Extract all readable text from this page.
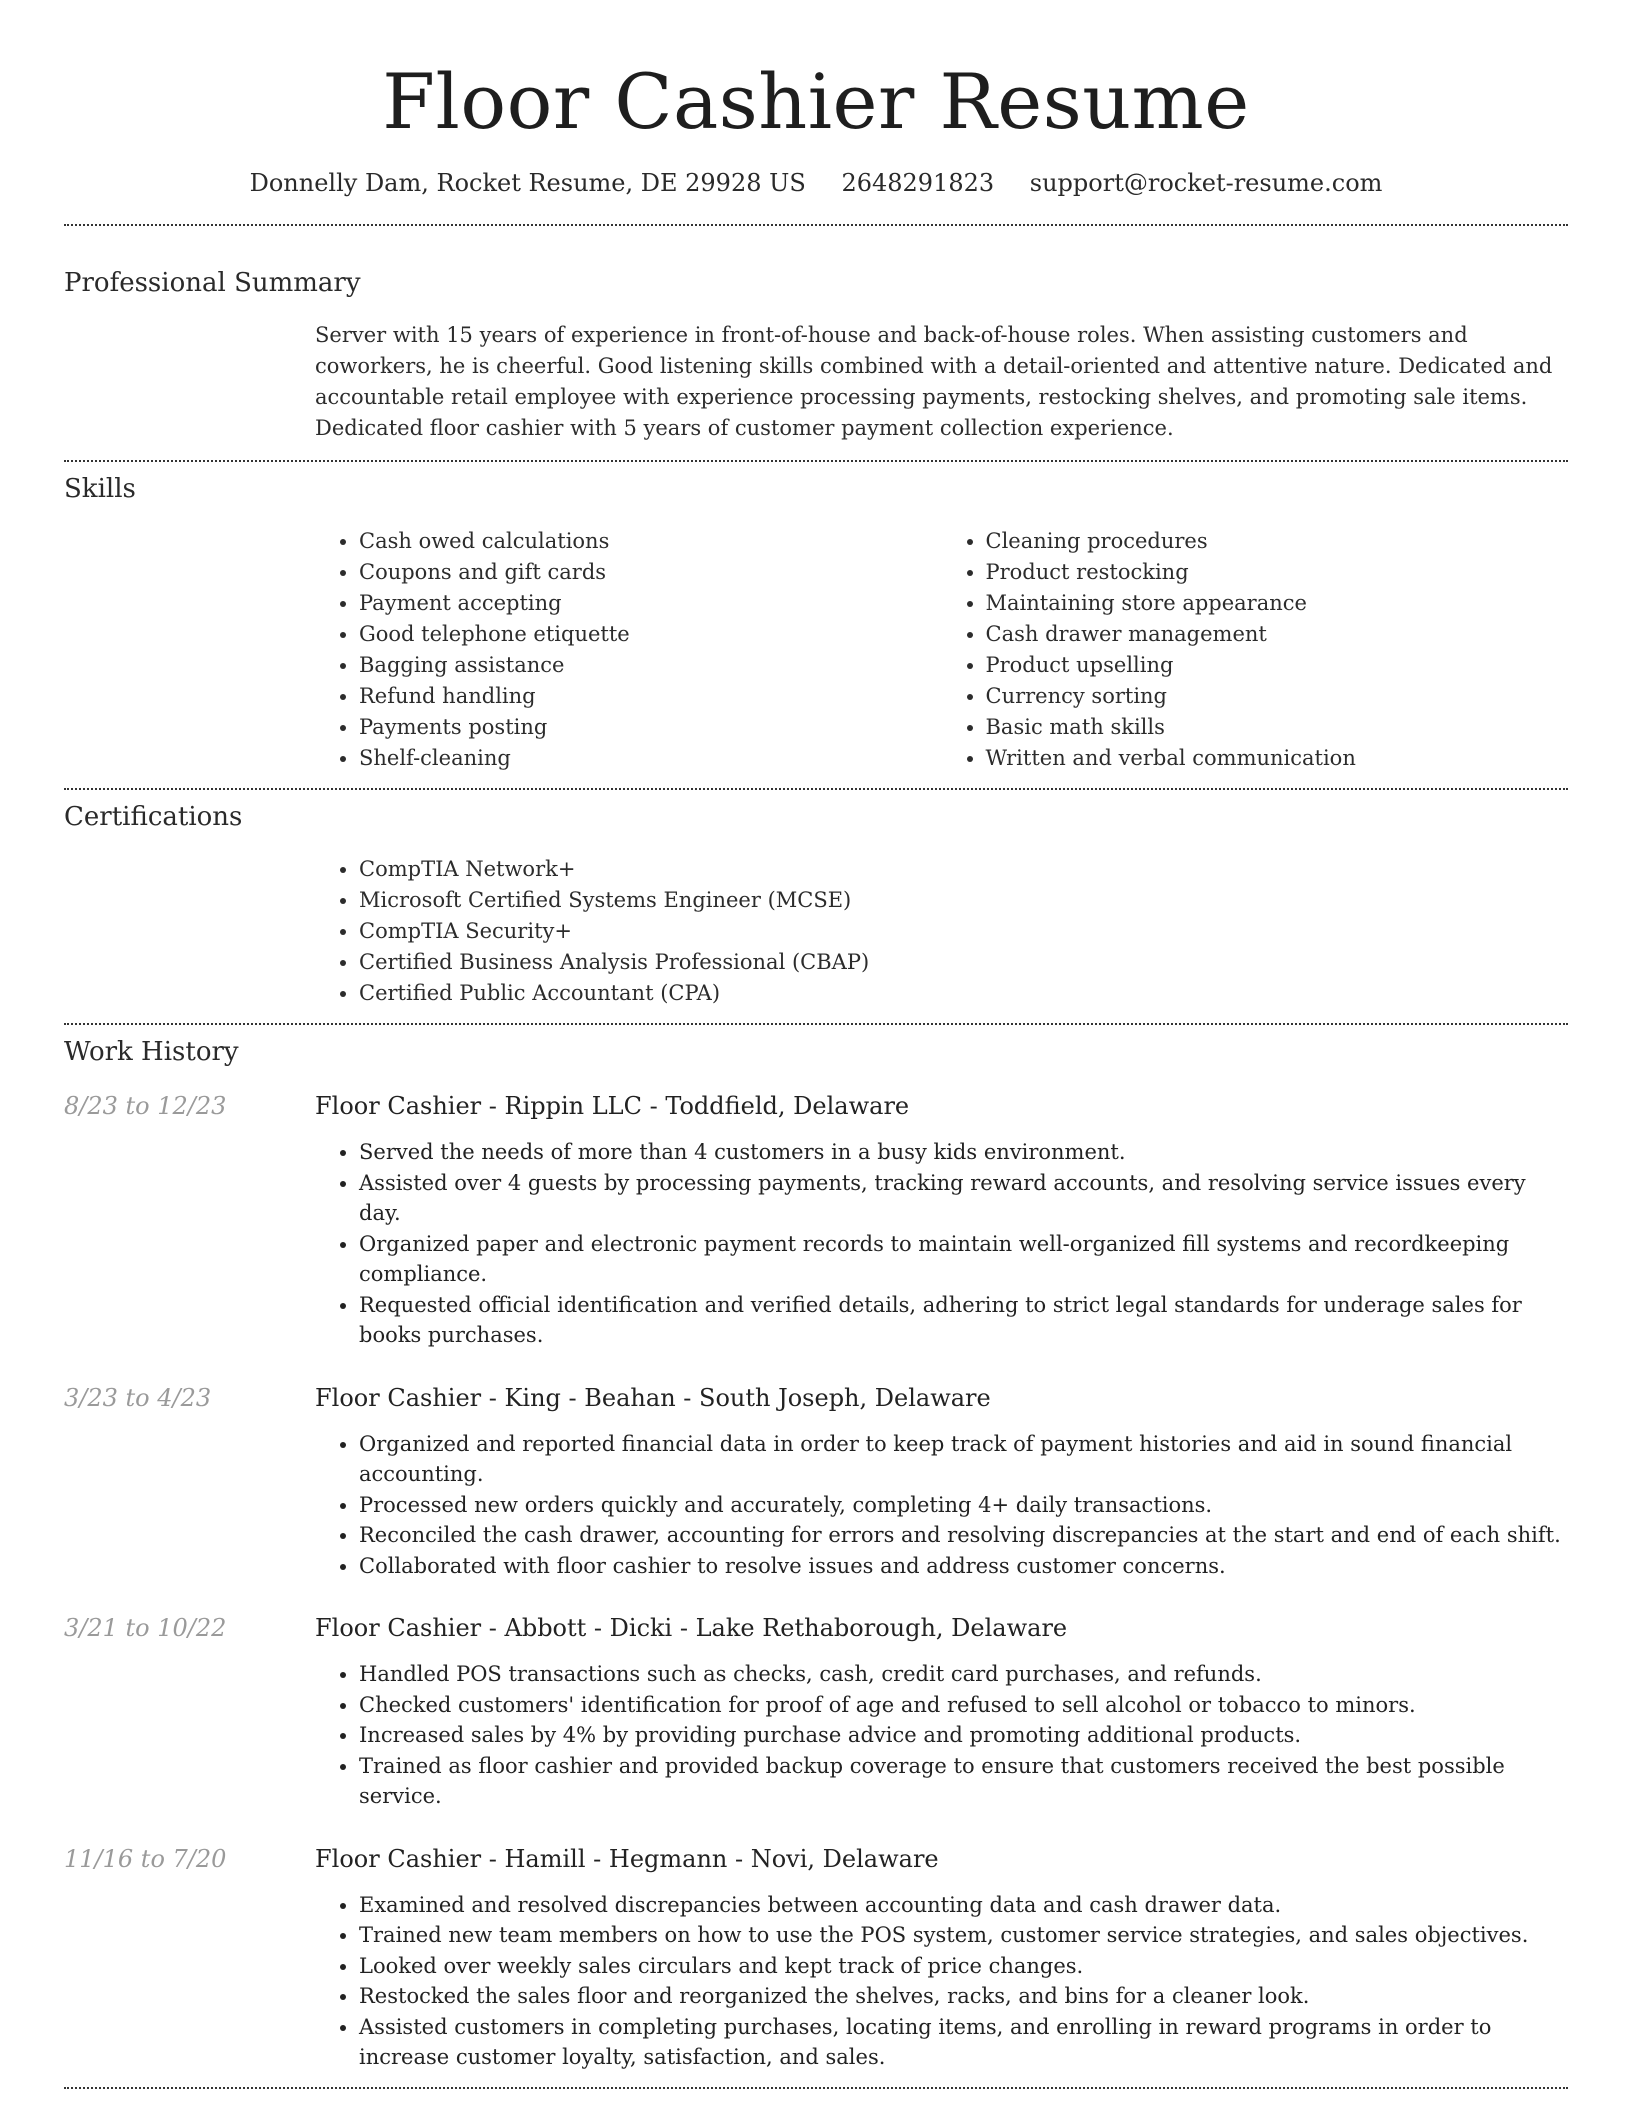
Floor Cashier Resume
Donnelly Dam, Rocket Resume, DE 29928 US 2648291823 support@rocket-resume.com
Professional Summary
Server with 15 years of experience in front-of-house and back-of-house roles. When assisting customers and coworkers, he is cheerful. Good listening skills combined with a detail-oriented and attentive nature. Dedicated and accountable retail employee with experience processing payments, restocking shelves, and promoting sale items. Dedicated floor cashier with 5 years of customer payment collection experience.
Skills
• Cash owed calculations
• Coupons and gift cards
• Payment accepting
• Good telephone etiquette
• Bagging assistance
• Refund handling
• Payments posting
• Shelf-cleaning
• Cleaning procedures
• Product restocking
• Maintaining store appearance
• Cash drawer management
• Product upselling
• Currency sorting
• Basic math skills
• Written and verbal communication
Certifications
• CompTIA Network+
• Microsoft Certified Systems Engineer (MCSE)
• CompTIA Security+
• Certified Business Analysis Professional (CBAP)
• Certified Public Accountant (CPA)
Work History
8/23 to 12/23	Floor Cashier - Rippin LLC - Toddfield, Delaware
• Served the needs of more than 4 customers in a busy kids environment.
• Assisted over 4 guests by processing payments, tracking reward accounts, and resolving service issues every day.
• Organized paper and electronic payment records to maintain well-organized fill systems and recordkeeping compliance.
• Requested official identification and verified details, adhering to strict legal standards for underage sales for books purchases.
3/23 to 4/23	Floor Cashier - King - Beahan - South Joseph, Delaware
• Organized and reported financial data in order to keep track of payment histories and aid in sound financial accounting.
• Processed new orders quickly and accurately, completing 4+ daily transactions.
• Reconciled the cash drawer, accounting for errors and resolving discrepancies at the start and end of each shift.
• Collaborated with floor cashier to resolve issues and address customer concerns.
3/21 to 10/22	Floor Cashier - Abbott - Dicki - Lake Rethaborough, Delaware
• Handled POS transactions such as checks, cash, credit card purchases, and refunds.
• Checked customers' identification for proof of age and refused to sell alcohol or tobacco to minors.
• Increased sales by 4% by providing purchase advice and promoting additional products.
• Trained as floor cashier and provided backup coverage to ensure that customers received the best possible service.
11/16 to 7/20	Floor Cashier - Hamill - Hegmann - Novi, Delaware
• Examined and resolved discrepancies between accounting data and cash drawer data.
• Trained new team members on how to use the POS system, customer service strategies, and sales objectives.
• Looked over weekly sales circulars and kept track of price changes.
• Restocked the sales floor and reorganized the shelves, racks, and bins for a cleaner look.
• Assisted customers in completing purchases, locating items, and enrolling in reward programs in order to increase customer loyalty, satisfaction, and sales.
